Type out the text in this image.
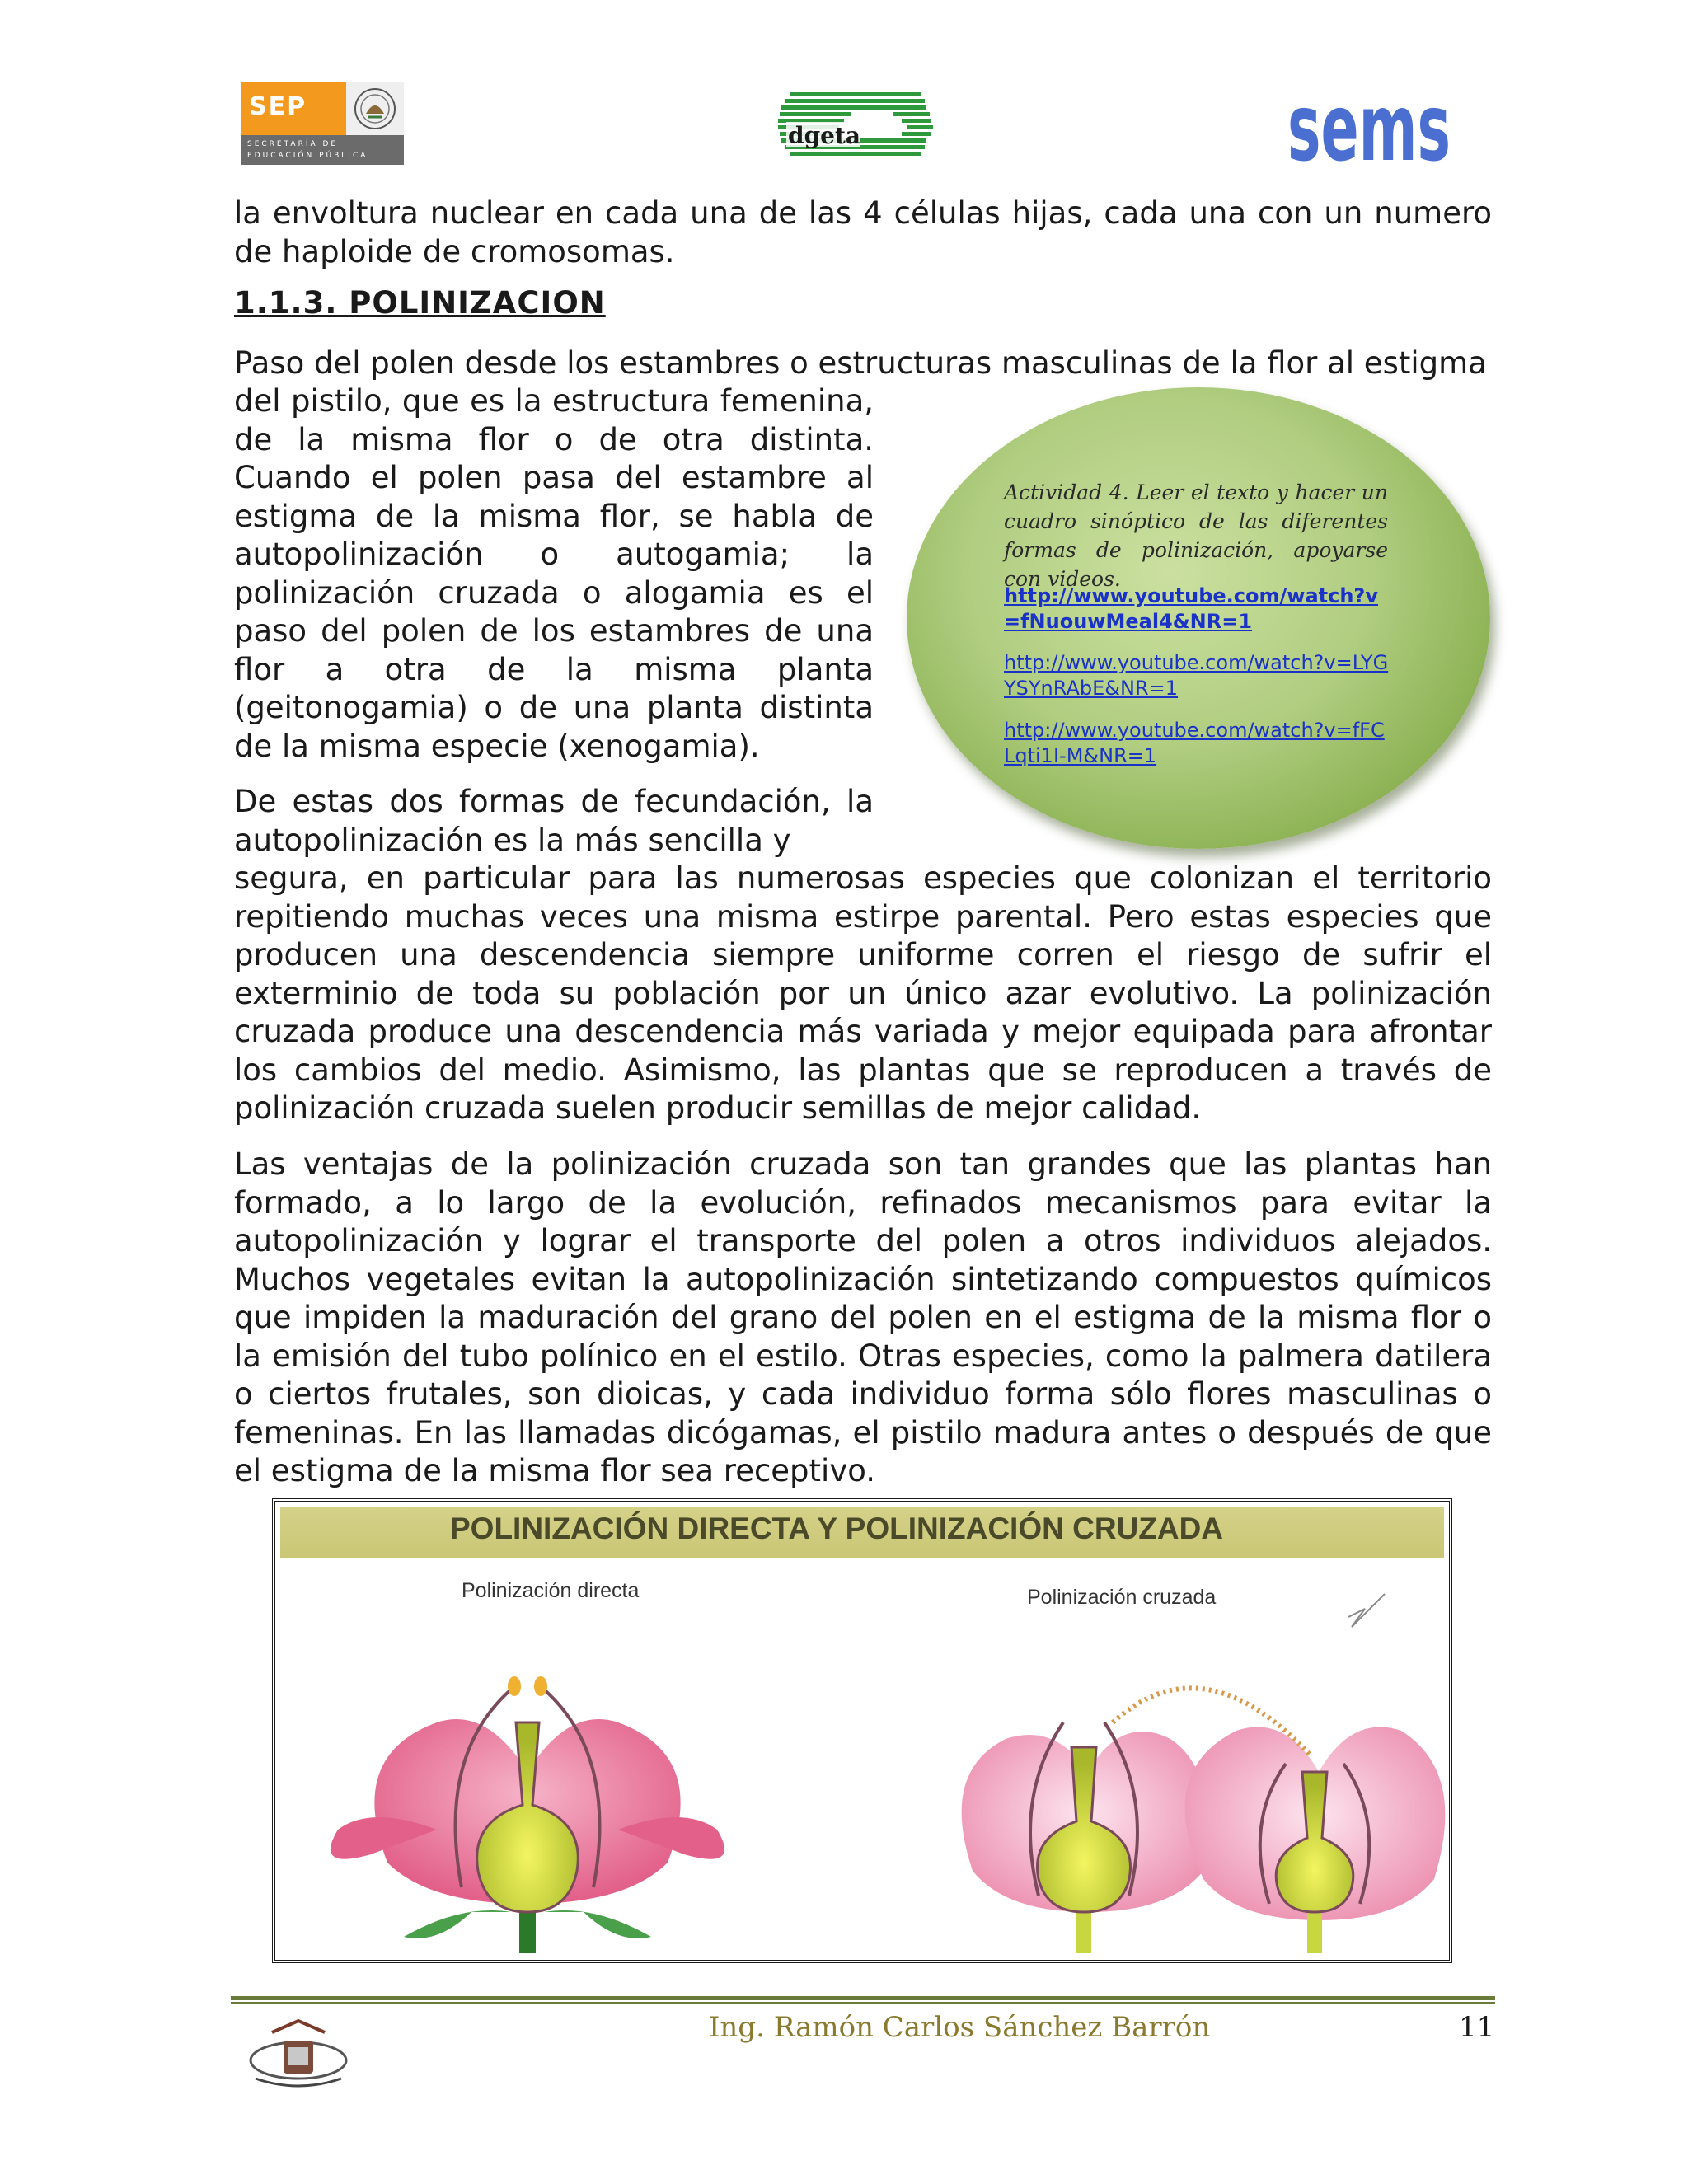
SEP
SECRETARÍA DE
EDUCACIÓN PÚBLICA
dgeta	sems

la envoltura nuclear en cada una de las 4 células hijas, cada una con un numero de haploide de cromosomas.

1.1.3. POLINIZACION

Paso del polen desde los estambres o estructuras masculinas de la flor al estigma

del pistilo, que es la estructura femenina, de la misma flor o de otra distinta. Cuando el polen pasa del estambre al estigma de la misma flor, se habla de autopolinización o autogamia; la polinización cruzada o alogamia es el paso del polen de los estambres de una flor a otra de la misma planta (geitonogamia) o de una planta distinta de la misma especie (xenogamia).

De estas dos formas de fecundación, la autopolinización es la más sencilla y

segura, en particular para las numerosas especies que colonizan el territorio repitiendo muchas veces una misma estirpe parental. Pero estas especies que producen una descendencia siempre uniforme corren el riesgo de sufrir el exterminio de toda su población por un único azar evolutivo. La polinización cruzada produce una descendencia más variada y mejor equipada para afrontar los cambios del medio. Asimismo, las plantas que se reproducen a través de polinización cruzada suelen producir semillas de mejor calidad.

Las ventajas de la polinización cruzada son tan grandes que las plantas han formado, a lo largo de la evolución, refinados mecanismos para evitar la autopolinización y lograr el transporte del polen a otros individuos alejados. Muchos vegetales evitan la autopolinización sintetizando compuestos químicos que impiden la maduración del grano del polen en el estigma de la misma flor o la emisión del tubo polínico en el estilo. Otras especies, como la palmera datilera o ciertos frutales, son dioicas, y cada individuo forma sólo flores masculinas o femeninas. En las llamadas dicógamas, el pistilo madura antes o después de que el estigma de la misma flor sea receptivo.

Actividad 4. Leer el texto y hacer un cuadro sinóptico de las diferentes formas de polinización, apoyarse con videos.

http://www.youtube.com/watch?v=fNuouwMeal4&NR=1
http://www.youtube.com/watch?v=LYGYSYnRAbE&NR=1
http://www.youtube.com/watch?v=fFCLqti1I-M&NR=1
POLINIZACIÓN DIRECTA Y POLINIZACIÓN CRUZADA

Polinización directa	Polinización cruzada

Ing. Ramón Carlos Sánchez Barrón	11
